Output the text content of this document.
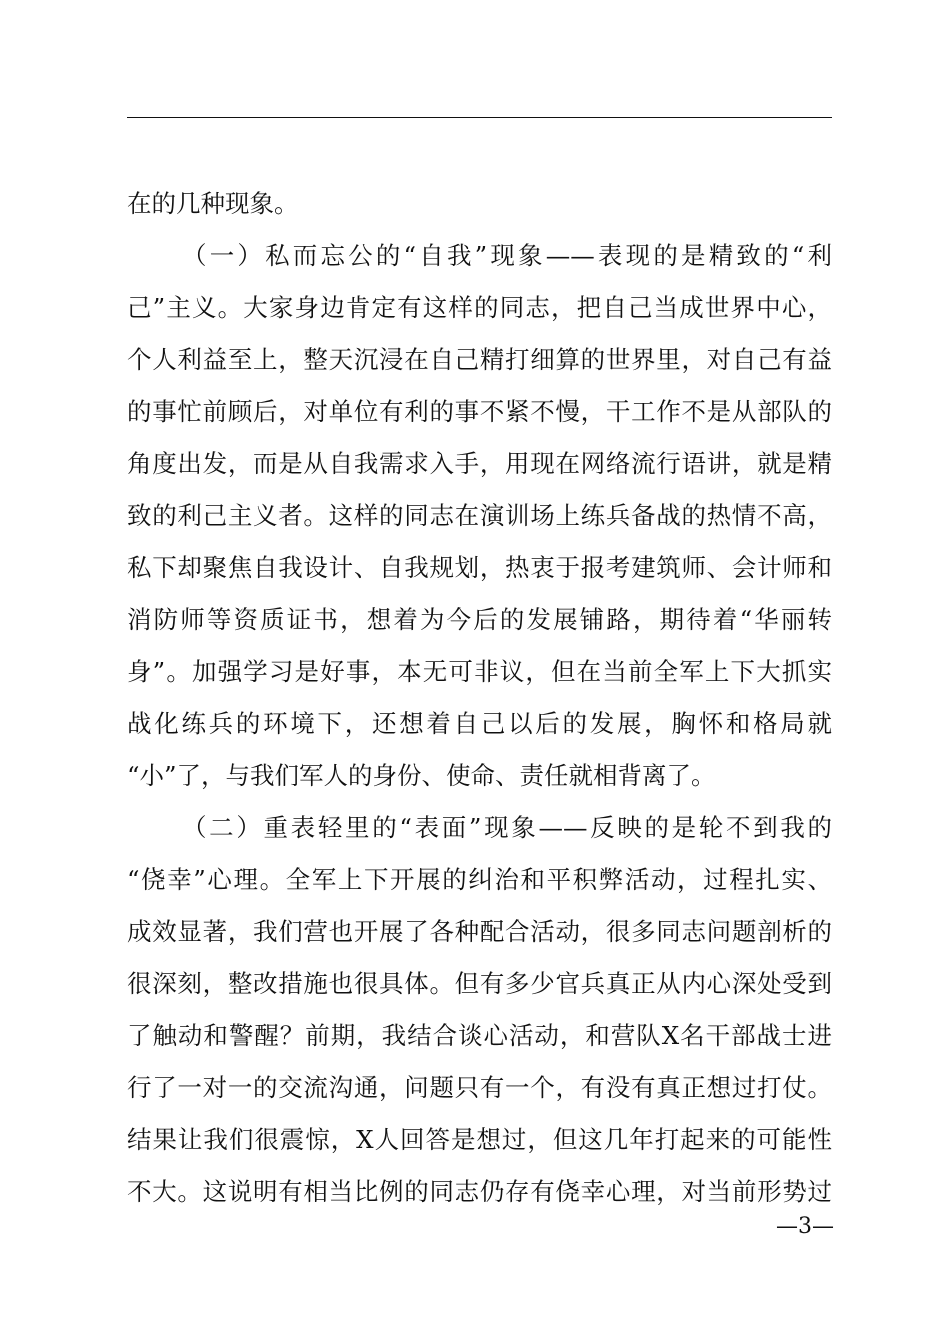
在的几种现象。
（一）私而忘公的“自我”现象——表现的是精致的“利
己”主义。大家身边肯定有这样的同志，把自己当成世界中心，
个人利益至上，整天沉浸在自己精打细算的世界里，对自己有益
的事忙前顾后，对单位有利的事不紧不慢，干工作不是从部队的
角度出发，而是从自我需求入手，用现在网络流行语讲，就是精
致的利己主义者。这样的同志在演训场上练兵备战的热情不高，
私下却聚焦自我设计、自我规划，热衷于报考建筑师、会计师和
消防师等资质证书，想着为今后的发展铺路，期待着“华丽转
身”。加强学习是好事，本无可非议，但在当前全军上下大抓实
战化练兵的环境下，还想着自己以后的发展，胸怀和格局就
“小”了，与我们军人的身份、使命、责任就相背离了。
（二）重表轻里的“表面”现象——反映的是轮不到我的
“侥幸”心理。全军上下开展的纠治和平积弊活动，过程扎实、
成效显著，我们营也开展了各种配合活动，很多同志问题剖析的
很深刻，整改措施也很具体。但有多少官兵真正从内心深处受到
了触动和警醒？前期，我结合谈心活动，和营队X名干部战士进
行了一对一的交流沟通，问题只有一个，有没有真正想过打仗。
结果让我们很震惊，X人回答是想过，但这几年打起来的可能性
不大。这说明有相当比例的同志仍存有侥幸心理，对当前形势过
—3—
